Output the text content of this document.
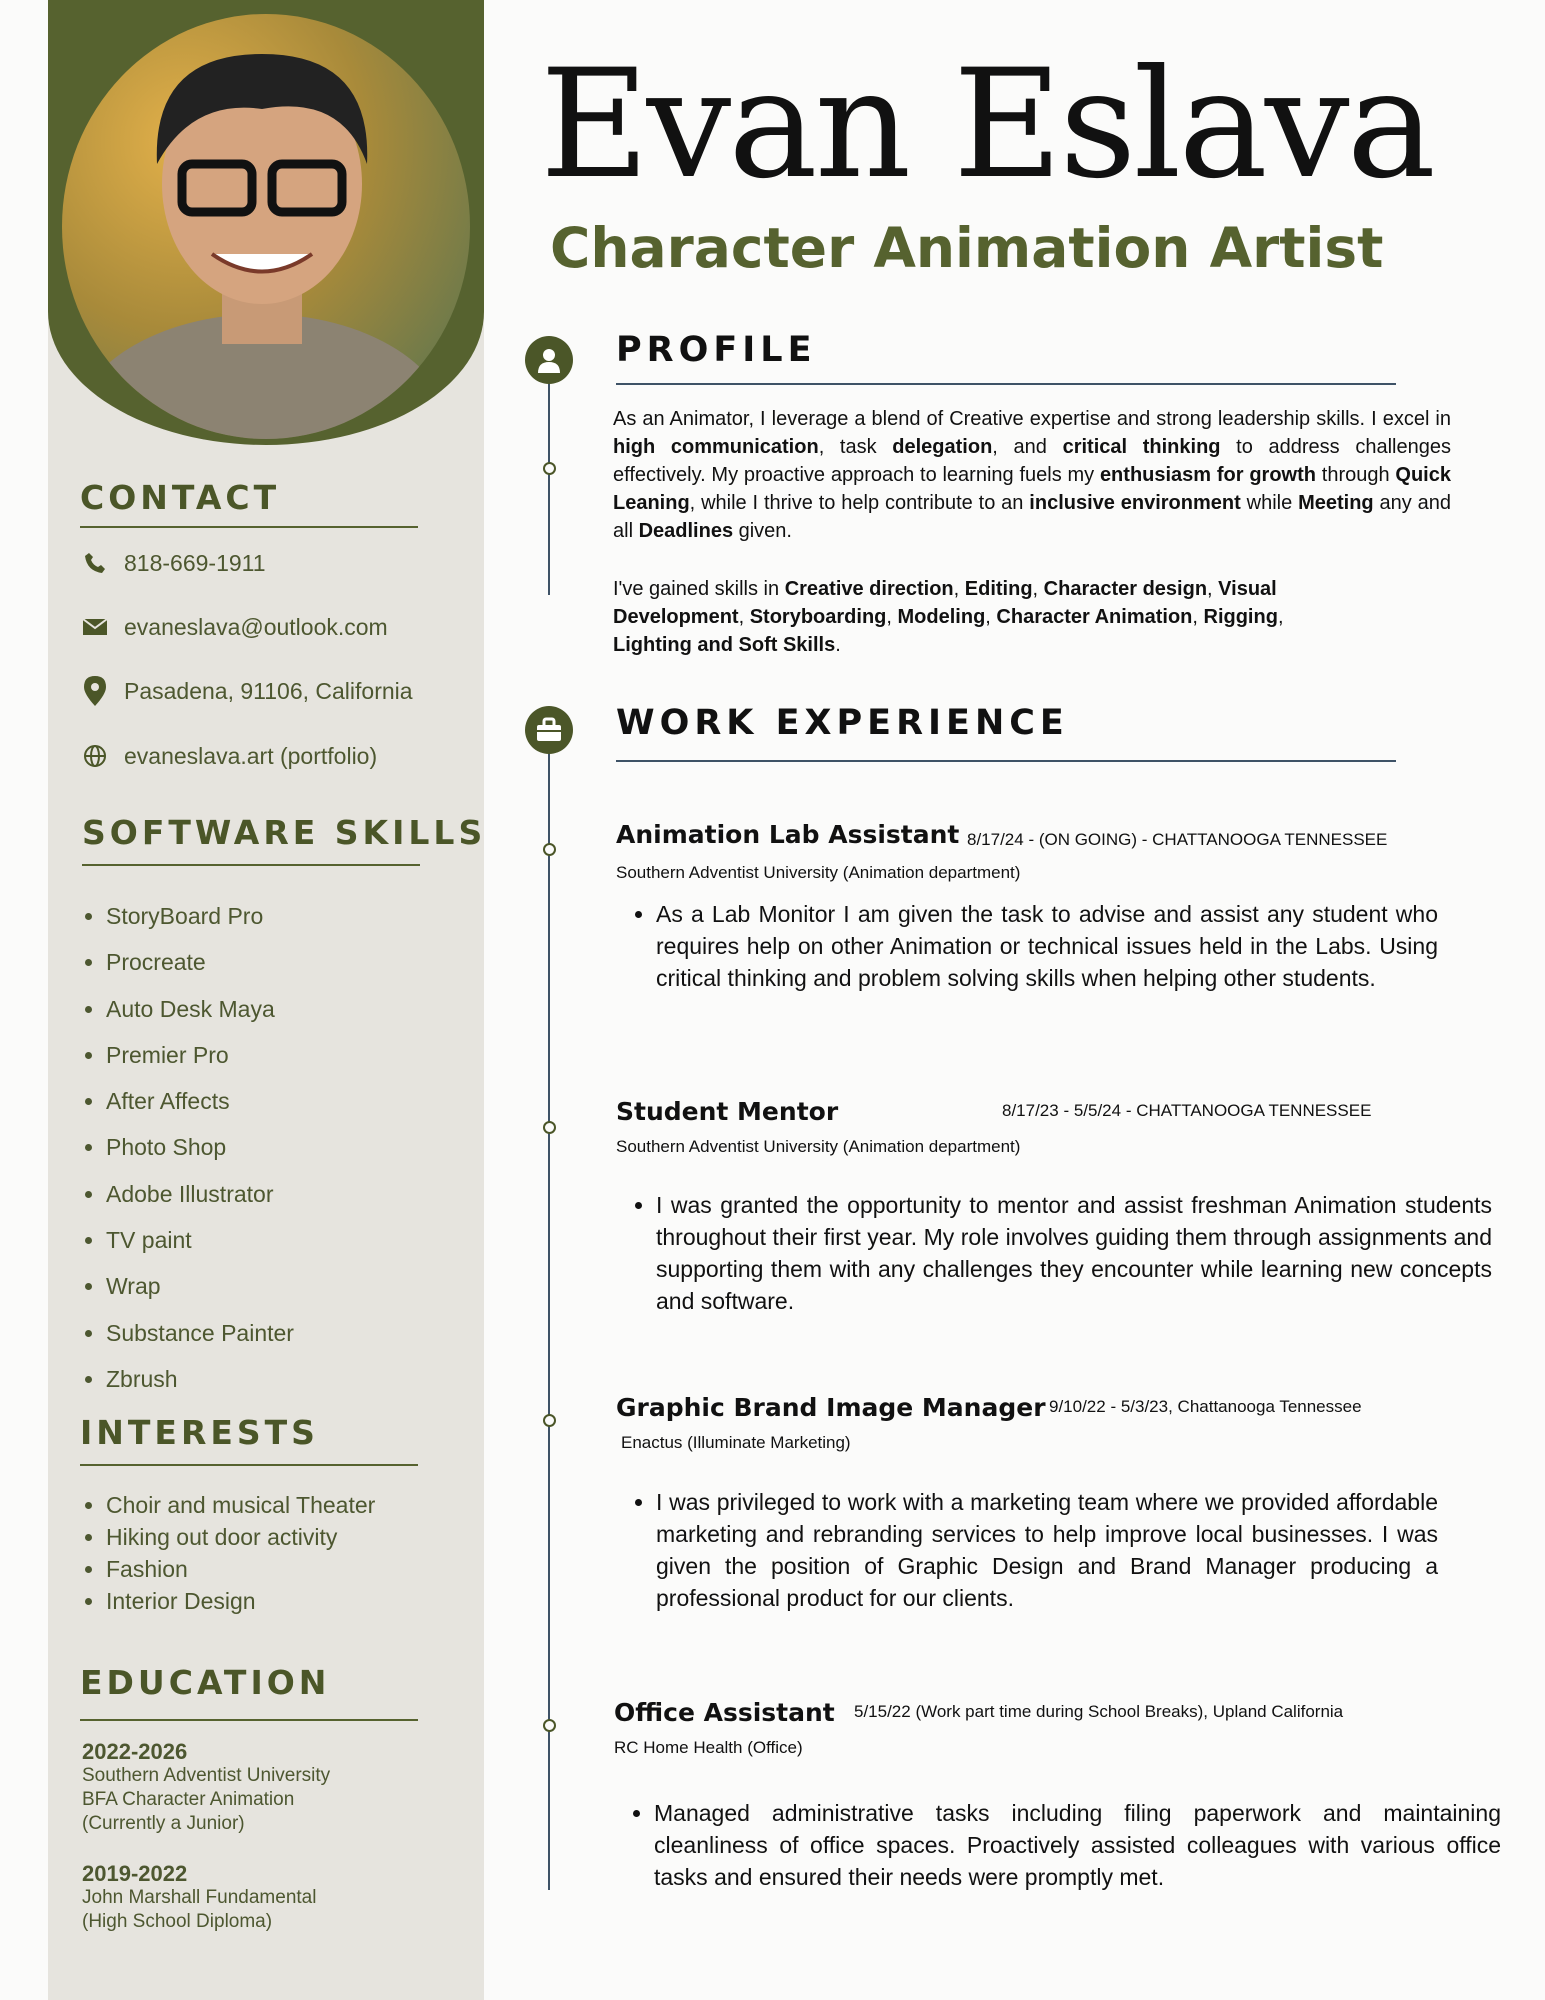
CONTACT
818-669-1911
evaneslava@outlook.com
Pasadena, 91106, California
evaneslava.art (portfolio)
SOFTWARE SKILLS
• StoryBoard Pro
• Procreate
• Auto Desk Maya
• Premier Pro
• After Affects
• Photo Shop
• Adobe Illustrator
• TV paint
• Wrap
• Substance Painter
• Zbrush
INTERESTS
• Choir and musical Theater
• Hiking out door activity
• Fashion
• Interior Design
EDUCATION
2022-2026
Southern Adventist University
BFA Character Animation
(Currently a Junior)
2019-2022
John Marshall Fundamental
(High School Diploma)
Evan Eslava
Character Animation Artist
PROFILE
As an Animator, I leverage a blend of Creative expertise and strong leadership skills. I excel in high communication, task delegation, and critical thinking to address challenges effectively. My proactive approach to learning fuels my enthusiasm for growth through Quick Leaning, while I thrive to help contribute to an inclusive environment while Meeting any and all Deadlines given.
I've gained skills in Creative direction, Editing, Character design, Visual Development, Storyboarding, Modeling, Character Animation, Rigging, Lighting and Soft Skills.
WORK EXPERIENCE
Animation Lab Assistant 8/17/24 - (ON GOING) - CHATTANOOGA TENNESSEE
Southern Adventist University (Animation department)
• As a Lab Monitor I am given the task to advise and assist any student who requires help on other Animation or technical issues held in the Labs. Using critical thinking and problem solving skills when helping other students.
Student Mentor	8/17/23 - 5/5/24 - CHATTANOOGA TENNESSEE
Southern Adventist University (Animation department)
• I was granted the opportunity to mentor and assist freshman Animation students throughout their first year. My role involves guiding them through assignments and supporting them with any challenges they encounter while learning new concepts and software.
Graphic Brand Image Manager 9/10/22 - 5/3/23, Chattanooga Tennessee
Enactus (Illuminate Marketing)
• I was privileged to work with a marketing team where we provided affordable marketing and rebranding services to help improve local businesses. I was given the position of Graphic Design and Brand Manager producing a professional product for our clients.
Office Assistant 5/15/22 (Work part time during School Breaks), Upland California
RC Home Health (Office)
• Managed administrative tasks including filing paperwork and maintaining cleanliness of office spaces. Proactively assisted colleagues with various office tasks and ensured their needs were promptly met.
